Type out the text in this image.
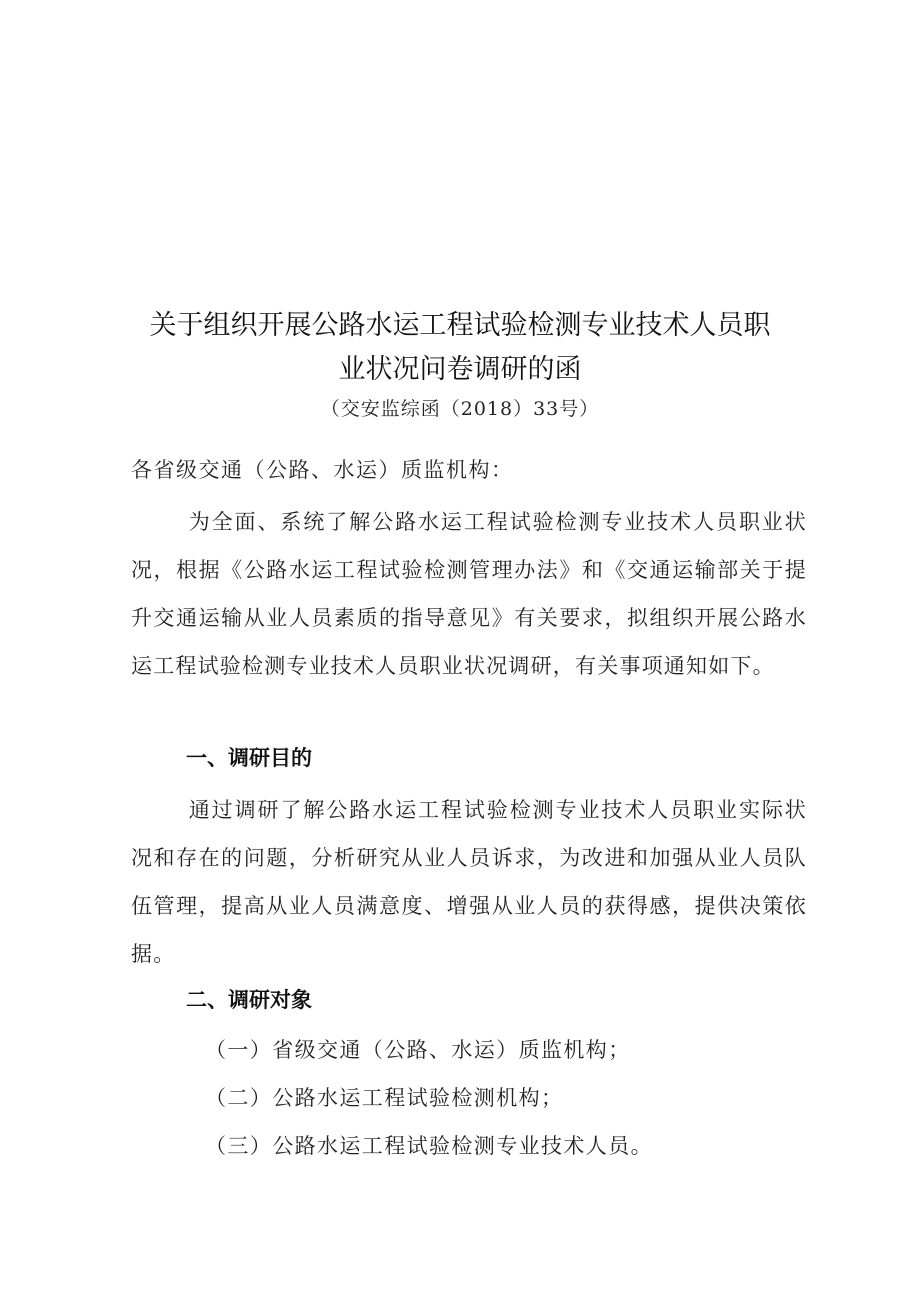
关于组织开展公路水运工程试验检测专业技术人员职
业状况问卷调研的函

（交安监综函（2018）33号）

各省级交通（公路、水运）质监机构：

为全面、系统了解公路水运工程试验检测专业技术人员职业状况，根据《公路水运工程试验检测管理办法》和《交通运输部关于提升交通运输从业人员素质的指导意见》有关要求，拟组织开展公路水运工程试验检测专业技术人员职业状况调研，有关事项通知如下。

一、调研目的

通过调研了解公路水运工程试验检测专业技术人员职业实际状况和存在的问题，分析研究从业人员诉求，为改进和加强从业人员队伍管理，提高从业人员满意度、增强从业人员的获得感，提供决策依据。

二、调研对象

（一）省级交通（公路、水运）质监机构；

（二）公路水运工程试验检测机构；

（三）公路水运工程试验检测专业技术人员。
